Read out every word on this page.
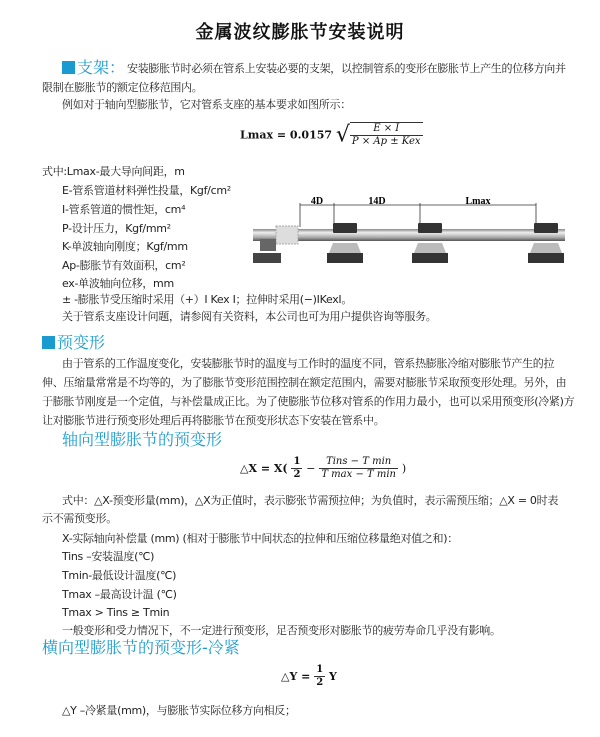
金属波纹膨胀节安装说明
支架： 安装膨胀节时必须在管系上安装必要的支架，以控制管系的变形在膨胀节上产生的位移方向并
限制在膨胀节的额定位移范围内。
例如对于轴向型膨胀节，它对管系支座的基本要求如图所示：
Lmax = 0.0157 √ $\frac{E \times I}{\text{P × Ap ± Kex}}$
式中:Lmax-最大导向间距，m
E-管系管道材料弹性投量，Kgf/cm²
I-管系管道的惯性矩，cm⁴
P-设计压力，Kgf/mm²
K-单波轴向刚度；Kgf/mm
Ap-膨胀节有效面积，cm²
ex-单波轴向位移，mm
± -膨胀节受压缩时采用（+）I Kex I；拉伸时采用(−)IKexI。
关于管系支座设计问题，请参阅有关资料，本公司也可为用户提供咨询等服务。
4D	14D	Lmax
预变形
由于管系的工作温度变化，安装膨胀节时的温度与工作时的温度不同，管系热膨胀冷缩对膨胀节产生的拉
伸、压缩量常常是不均等的，为了膨胀节变形范围控制在额定范围内，需要对膨胀节采取预变形处理。另外，由
于膨胀节刚度是一个定值，与补偿量成正比。为了使膨胀节位移对管系的作用力最小，也可以采用预变形(冷紧)方
让对膨胀节进行预变形处理后再将膨胀节在预变形状态下安装在管系中。
轴向型膨胀节的预变形
△X = $X( \frac{1}{2} - \frac{\text{Tins − T min}}{\text{T max − T min}}$ )
式中：△X-预变形量(mm)，△X为正值时，表示膨张节需预拉伸；为负值时，表示需预压缩；△X = 0时表
示不需预变形。
X-实际轴向补偿量 (mm) (相对于膨胀节中间状态的拉伸和压缩位移量绝对值之和)：
Tins –安装温度(℃)
Tmin-最低设计温度(℃)
Tmax –最高设计温 (℃)
Tmax > Tins ≥ Tmin
一般变形和受力情况下，不一定进行预变形，足否预变形对膨胀节的疲劳寿命几乎没有影响。
横向型膨胀节的预变形-冷紧
△Y = $\frac{1}{2}$ Y
△Y –冷紧量(mm)，与膨胀节实际位移方向相反；
